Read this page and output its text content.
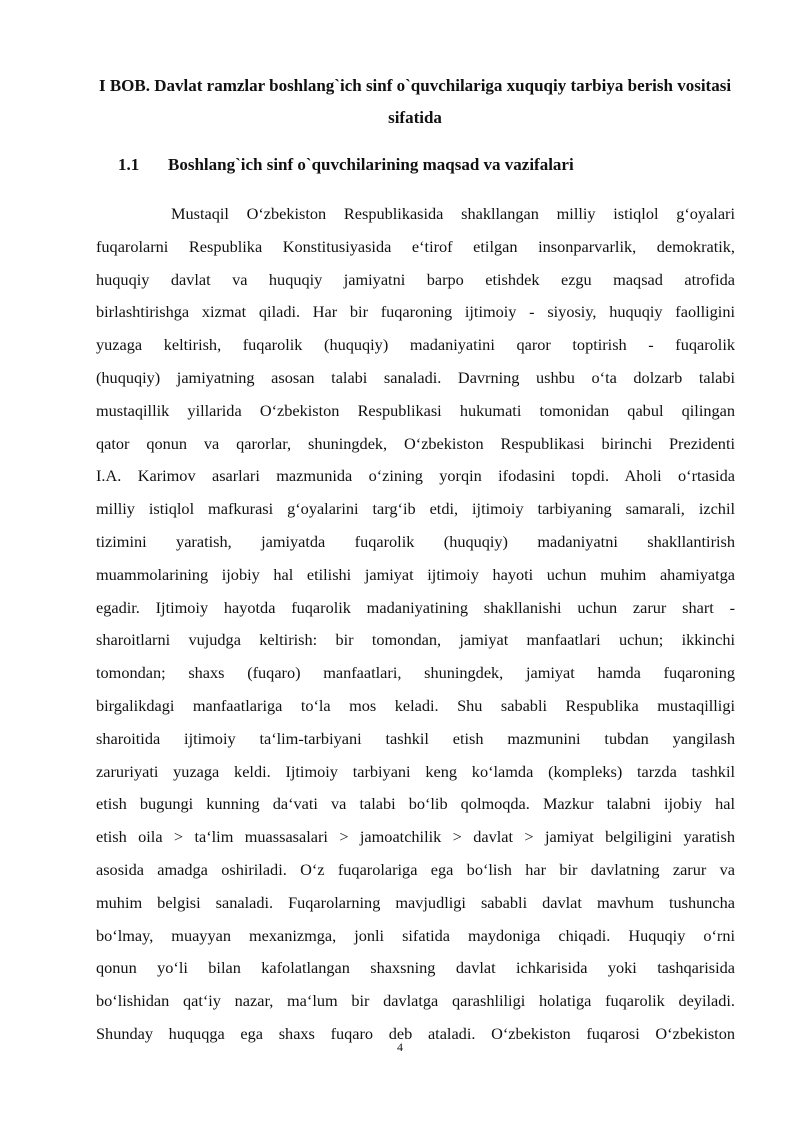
I BOB. Davlat ramzlar boshlang`ich sinf o`quvchilariga xuquqiy tarbiya berish vositasi sifatida
1.1 Boshlang`ich sinf o`quvchilarining maqsad va vazifalari
Mustaqil O‘zbekiston Respublikasida shakllangan milliy istiqlol g‘oyalari
fuqarolarni Respublika Konstitusiyasida e‘tirof etilgan insonparvarlik, demokratik,
huquqiy davlat va huquqiy jamiyatni barpo etishdek ezgu maqsad atrofida
birlashtirishga xizmat qiladi. Har bir fuqaroning ijtimoiy - siyosiy, huquqiy faolligini
yuzaga keltirish, fuqarolik (huquqiy) madaniyatini qaror toptirish - fuqarolik
(huquqiy) jamiyatning asosan talabi sanaladi. Davrning ushbu o‘ta dolzarb talabi
mustaqillik yillarida O‘zbekiston Respublikasi hukumati tomonidan qabul qilingan
qator qonun va qarorlar, shuningdek, O‘zbekiston Respublikasi birinchi Prezidenti
I.A. Karimov asarlari mazmunida o‘zining yorqin ifodasini topdi. Aholi o‘rtasida
milliy istiqlol mafkurasi g‘oyalarini targ‘ib etdi, ijtimoiy tarbiyaning samarali, izchil
tizimini yaratish, jamiyatda fuqarolik (huquqiy) madaniyatni shakllantirish
muammolarining ijobiy hal etilishi jamiyat ijtimoiy hayoti uchun muhim ahamiyatga
egadir. Ijtimoiy hayotda fuqarolik madaniyatining shakllanishi uchun zarur shart -
sharoitlarni vujudga keltirish: bir tomondan, jamiyat manfaatlari uchun; ikkinchi
tomondan; shaxs (fuqaro) manfaatlari, shuningdek, jamiyat hamda fuqaroning
birgalikdagi manfaatlariga to‘la mos keladi. Shu sababli Respublika mustaqilligi
sharoitida ijtimoiy ta‘lim-tarbiyani tashkil etish mazmunini tubdan yangilash
zaruriyati yuzaga keldi. Ijtimoiy tarbiyani keng ko‘lamda (kompleks) tarzda tashkil
etish bugungi kunning da‘vati va talabi bo‘lib qolmoqda. Mazkur talabni ijobiy hal
etish oila > ta‘lim muassasalari > jamoatchilik > davlat > jamiyat belgiligini yaratish
asosida amadga oshiriladi. O‘z fuqarolariga ega bo‘lish har bir davlatning zarur va
muhim belgisi sanaladi. Fuqarolarning mavjudligi sababli davlat mavhum tushuncha
bo‘lmay, muayyan mexanizmga, jonli sifatida maydoniga chiqadi. Huquqiy o‘rni
qonun yo‘li bilan kafolatlangan shaxsning davlat ichkarisida yoki tashqarisida
bo‘lishidan qat‘iy nazar, ma‘lum bir davlatga qarashliligi holatiga fuqarolik deyiladi.
Shunday huquqga ega shaxs fuqaro deb ataladi. O‘zbekiston fuqarosi O‘zbekiston
4
